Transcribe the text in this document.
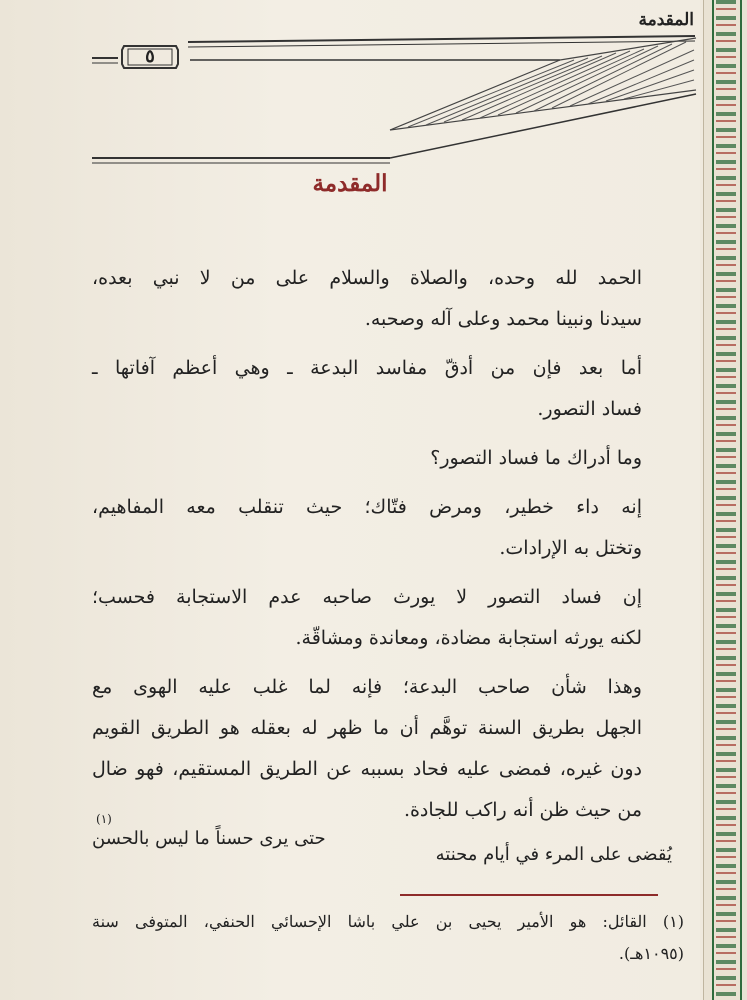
المقدمة
٥
المقدمة

الحمد لله وحده، والصلاة والسلام على من لا نبي بعده،
سيدنا ونبينا محمد وعلى آله وصحبه.

أما بعد فإن من أدقّ مفاسد البدعة ـ وهي أعظم آفاتها ـ
فساد التصور.

وما أدراك ما فساد التصور؟

إنه داء خطير، ومرض فتّاك؛ حيث تنقلب معه المفاهيم،
وتختل به الإرادات.

إن فساد التصور لا يورث صاحبه عدم الاستجابة فحسب؛
لكنه يورثه استجابة مضادة، ومعاندة ومشاقّة.

وهذا شأن صاحب البدعة؛ فإنه لما غلب عليه الهوى مع
الجهل بطريق السنة توهَّم أن ما ظهر له بعقله هو الطريق القويم
دون غيره، فمضى عليه فحاد بسببه عن الطريق المستقيم، فهو ضال
من حيث ظن أنه راكب للجادة.

يُقضى على المرء في أيام محنته
حتى يرى حسناً ما ليس بالحسن
(١)
(١) القائل: هو الأمير يحيى بن علي باشا الإحسائي الحنفي، المتوفى سنة
(١٠٩٥هـ).
